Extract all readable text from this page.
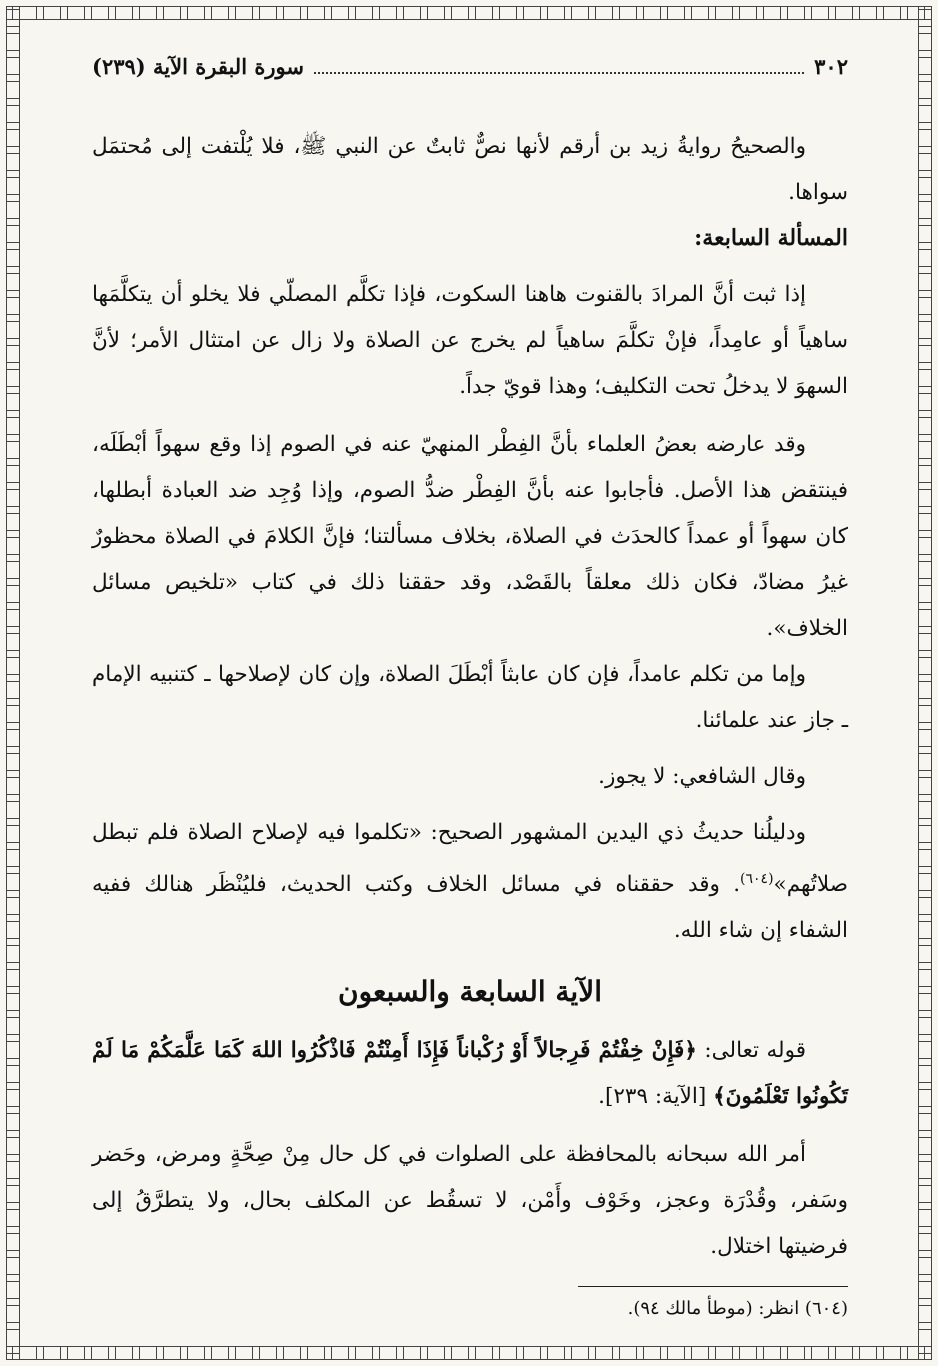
٣٠٢
سورة البقرة الآية (٢٣٩)

والصحيحُ روايةُ زيد بن أرقم لأنها نصٌّ ثابتٌ عن النبي ﷺ، فلا يُلْتفت إلى مُحتمَل سواها.

المسألة السابعة:

إذا ثبت أنَّ المرادَ بالقنوت هاهنا السكوت، فإذا تكلَّم المصلّي فلا يخلو أن يتكلَّمَها ساهياً أو عامِداً، فإنْ تكلَّمَ ساهياً لم يخرج عن الصلاة ولا زال عن امتثال الأمر؛ لأنَّ السهوَ لا يدخلُ تحت التكليف؛ وهذا قويّ جداً.

وقد عارضه بعضُ العلماء بأنَّ الفِطْر المنهيّ عنه في الصوم إذا وقع سهواً أبْطَلَه، فينتقض هذا الأصل. فأجابوا عنه بأنَّ الفِطْر ضدُّ الصوم، وإذا وُجِد ضد العبادة أبطلها، كان سهواً أو عمداً كالحدَث في الصلاة، بخلاف مسألتنا؛ فإنَّ الكلامَ في الصلاة محظورٌ غيرُ مضادّ، فكان ذلك معلقاً بالقَصْد، وقد حققنا ذلك في كتاب «تلخيص مسائل الخلاف».

وإما من تكلم عامداً، فإن كان عابثاً أبْطَلَ الصلاة، وإن كان لإصلاحها ـ كتنبيه الإمام ـ جاز عند علمائنا.

وقال الشافعي: لا يجوز.

ودليلُنا حديثُ ذي اليدين المشهور الصحيح: «تكلموا فيه لإصلاح الصلاة فلم تبطل صلاتُهم»$^{(٦٠٤)}$. وقد حققناه في مسائل الخلاف وكتب الحديث، فليُنْظَر هنالك ففيه الشفاء إن شاء الله.

الآية السابعة والسبعون

قوله تعالى: ﴿فَإِنْ خِفْتُمْ فَرِجالاً أَوْ رُكْباناً فَإِذَا أَمِنْتُمْ فَاذْكُرُوا اللهَ كَمَا عَلَّمَكُمْ مَا لَمْ تَكُونُوا تَعْلَمُونَ﴾ [الآية: ٢٣٩].

أمر الله سبحانه بالمحافظة على الصلوات في كل حال مِنْ صِحَّةٍ ومرض، وحَضر وسَفر، وقُدْرَة وعجز، وخَوْف وأَمْن، لا تسقُط عن المكلف بحال، ولا يتطرَّقُ إلى فرضيتها اختلال.

(٦٠٤) انظر: (موطأ مالك ٩٤).
